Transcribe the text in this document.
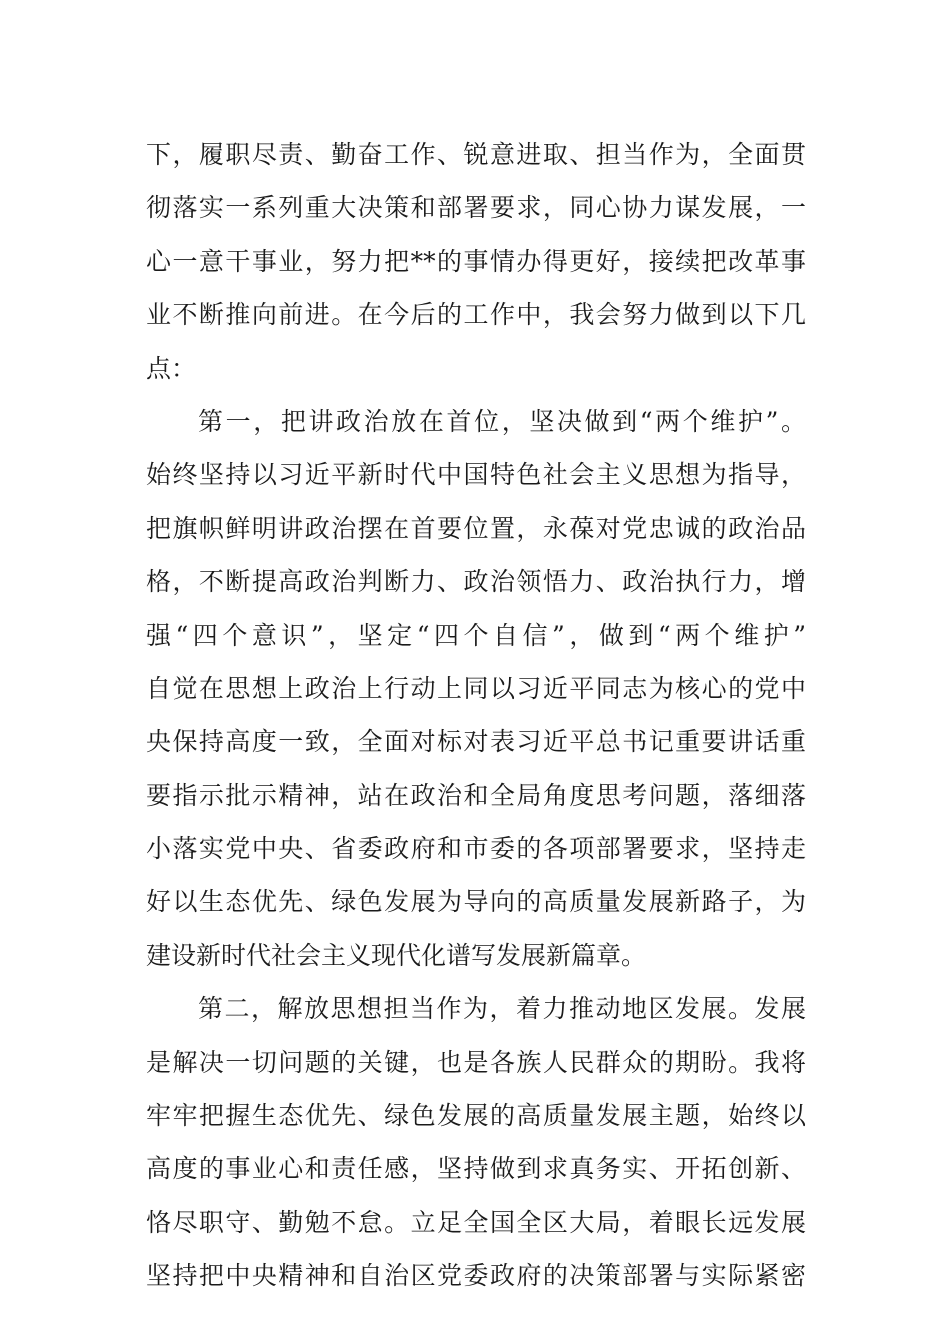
下，履职尽责、勤奋工作、锐意进取、担当作为，全面贯
彻落实一系列重大决策和部署要求，同心协力谋发展，一
心一意干事业，努力把**的事情办得更好，接续把改革事
业不断推向前进。在今后的工作中，我会努力做到以下几
点：
第一，把讲政治放在首位，坚决做到“两个维护”。
始终坚持以习近平新时代中国特色社会主义思想为指导，
把旗帜鲜明讲政治摆在首要位置，永葆对党忠诚的政治品
格，不断提高政治判断力、政治领悟力、政治执行力，增
强“四个意识”，坚定“四个自信”，做到“两个维护”
自觉在思想上政治上行动上同以习近平同志为核心的党中
央保持高度一致，全面对标对表习近平总书记重要讲话重
要指示批示精神，站在政治和全局角度思考问题，落细落
小落实党中央、省委政府和市委的各项部署要求，坚持走
好以生态优先、绿色发展为导向的高质量发展新路子，为
建设新时代社会主义现代化谱写发展新篇章。
第二，解放思想担当作为，着力推动地区发展。发展
是解决一切问题的关键，也是各族人民群众的期盼。我将
牢牢把握生态优先、绿色发展的高质量发展主题，始终以
高度的事业心和责任感，坚持做到求真务实、开拓创新、
恪尽职守、勤勉不怠。立足全国全区大局，着眼长远发展
坚持把中央精神和自治区党委政府的决策部署与实际紧密
